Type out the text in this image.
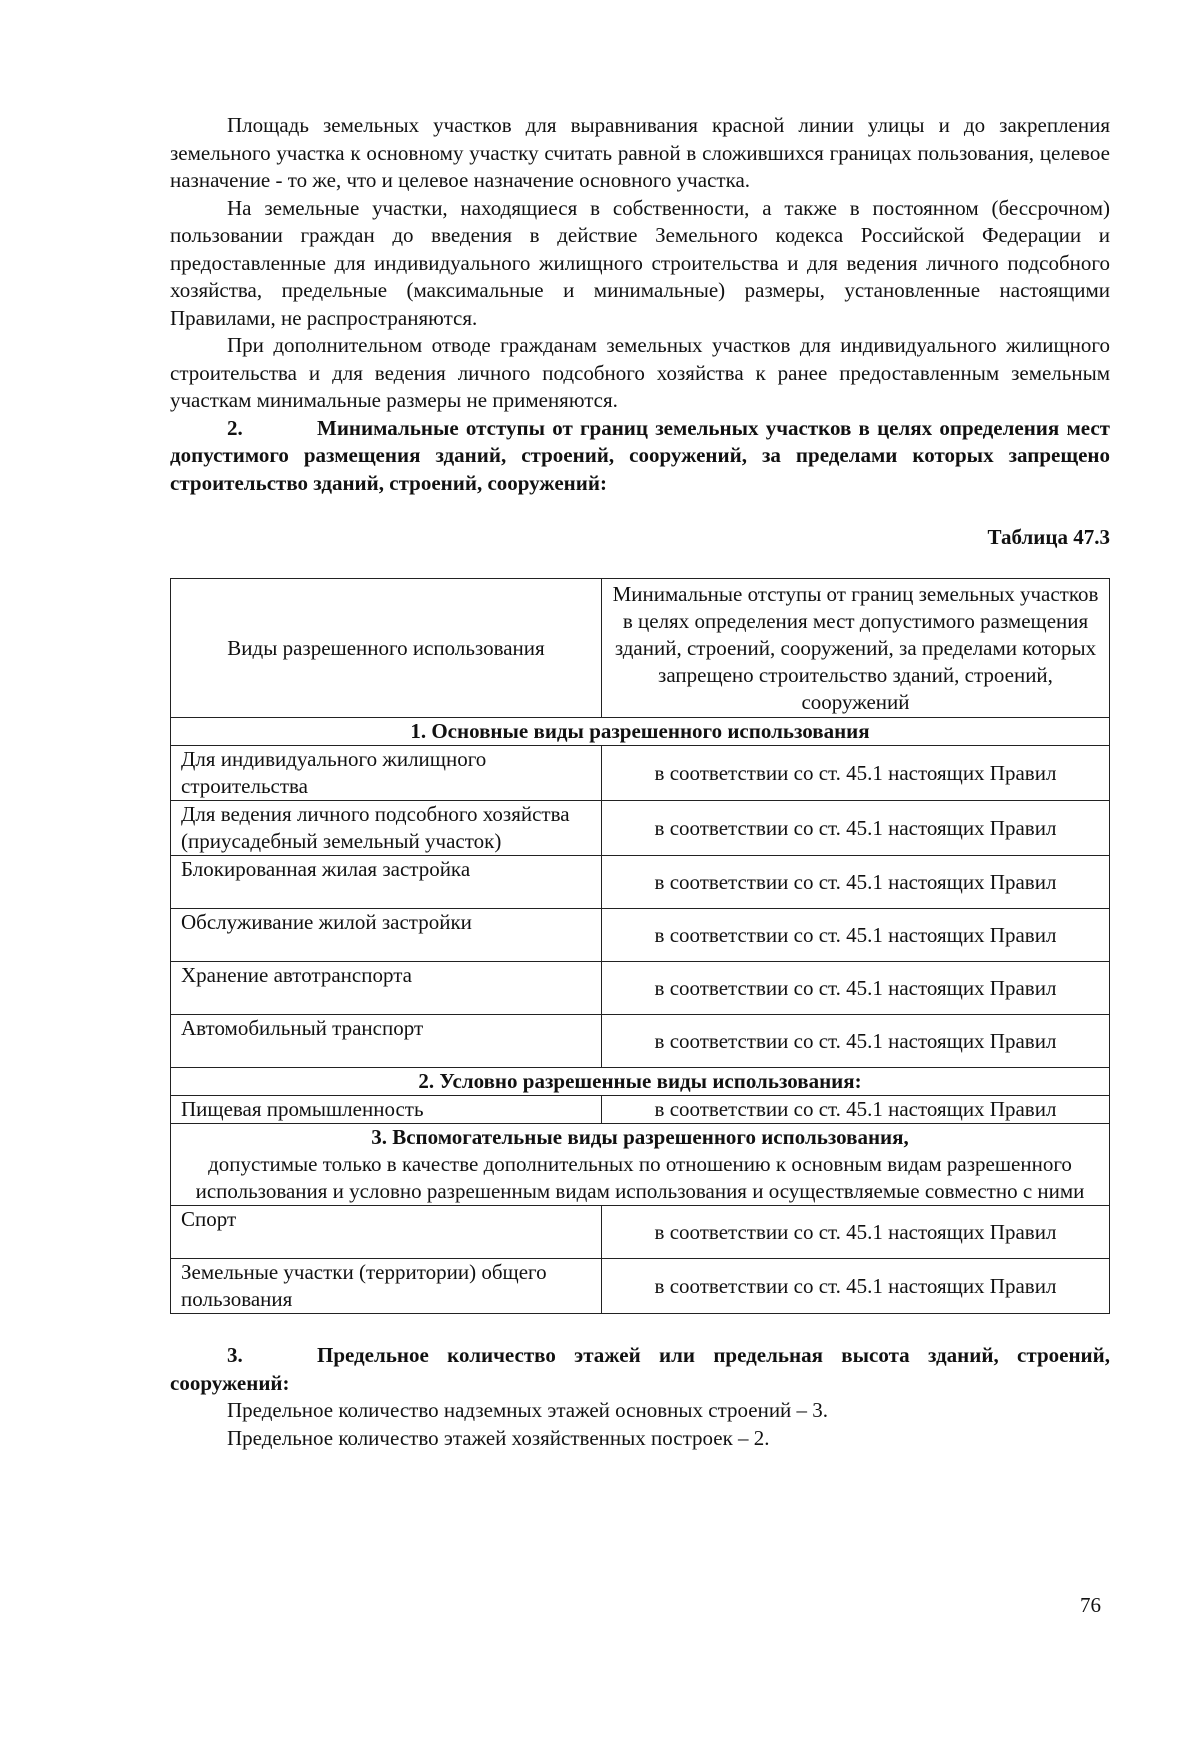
Площадь земельных участков для выравнивания красной линии улицы и до закрепления земельного участка к основному участку считать равной в сложившихся границах пользования, целевое назначение - то же, что и целевое назначение основного участка.

На земельные участки, находящиеся в собственности, а также в постоянном (бессрочном) пользовании граждан до введения в действие Земельного кодекса Российской Федерации и предоставленные для индивидуального жилищного строительства и для ведения личного подсобного хозяйства, предельные (максимальные и минимальные) размеры, установленные настоящими Правилами, не распространяются.

При дополнительном отводе гражданам земельных участков для индивидуального жилищного строительства и для ведения личного подсобного хозяйства к ранее предоставленным земельным участкам минимальные размеры не применяются.

2.	Минимальные отступы от границ земельных участков в целях определения мест допустимого размещения зданий, строений, сооружений, за пределами которых запрещено строительство зданий, строений, сооружений:

Таблица 47.3
Виды разрешенного использования	Минимальные отступы от границ земельных участков в целях определения мест допустимого размещения зданий, строений, сооружений, за пределами которых запрещено строительство зданий, строений, сооружений
1. Основные виды разрешенного использования	
Для индивидуального жилищного строительства	в соответствии со ст. 45.1 настоящих Правил
Для ведения личного подсобного хозяйства (приусадебный земельный участок)	в соответствии со ст. 45.1 настоящих Правил
Блокированная жилая застройка	в соответствии со ст. 45.1 настоящих Правил
Обслуживание жилой застройки	в соответствии со ст. 45.1 настоящих Правил
Хранение автотранспорта	в соответствии со ст. 45.1 настоящих Правил
Автомобильный транспорт	в соответствии со ст. 45.1 настоящих Правил
2. Условно разрешенные виды использования:	
Пищевая промышленность	в соответствии со ст. 45.1 настоящих Правил
3. Вспомогательные виды разрешенного использования,
допустимые только в качестве дополнительных по отношению к основным видам разрешенного использования и условно разрешенным видам использования и осуществляемые совместно с ними	

Спорт	в соответствии со ст. 45.1 настоящих Правил
Земельные участки (территории) общего пользования	в соответствии со ст. 45.1 настоящих Правил

3.	Предельное количество этажей или предельная высота зданий, строений, сооружений:

Предельное количество надземных этажей основных строений – 3.

Предельное количество этажей хозяйственных построек – 2.

76
